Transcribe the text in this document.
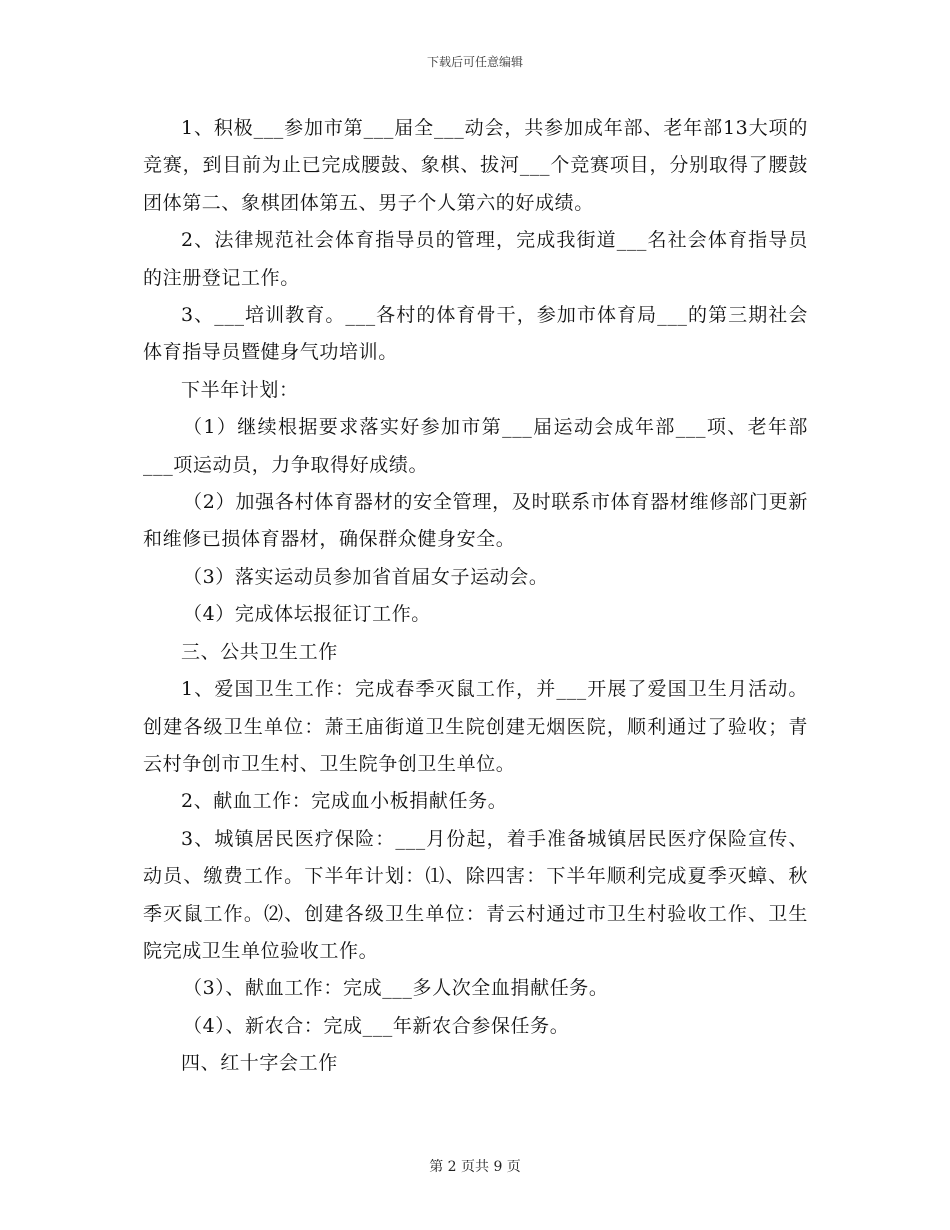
下载后可任意编辑

1、积极___参加市第___届全___动会，共参加成年部、老年部13大项的竞赛，到目前为止已完成腰鼓、象棋、拔河___个竞赛项目，分别取得了腰鼓团体第二、象棋团体第五、男子个人第六的好成绩。

2、法律规范社会体育指导员的管理，完成我街道___名社会体育指导员的注册登记工作。

3、___培训教育。___各村的体育骨干，参加市体育局___的第三期社会体育指导员暨健身气功培训。

下半年计划：

（1）继续根据要求落实好参加市第___届运动会成年部___项、老年部___项运动员，力争取得好成绩。

（2）加强各村体育器材的安全管理，及时联系市体育器材维修部门更新和维修已损体育器材，确保群众健身安全。

（3）落实运动员参加省首届女子运动会。

（4）完成体坛报征订工作。

三、公共卫生工作

1、爱国卫生工作：完成春季灭鼠工作，并___开展了爱国卫生月活动。创建各级卫生单位：萧王庙街道卫生院创建无烟医院，顺利通过了验收；青云村争创市卫生村、卫生院争创卫生单位。

2、献血工作：完成血小板捐献任务。

3、城镇居民医疗保险：___月份起，着手准备城镇居民医疗保险宣传、动员、缴费工作。下半年计划：⑴、除四害：下半年顺利完成夏季灭蟑、秋季灭鼠工作。⑵、创建各级卫生单位：青云村通过市卫生村验收工作、卫生院完成卫生单位验收工作。

（3）、献血工作：完成___多人次全血捐献任务。

（4）、新农合：完成___年新农合参保任务。

四、红十字会工作

第 2 页共 9 页
